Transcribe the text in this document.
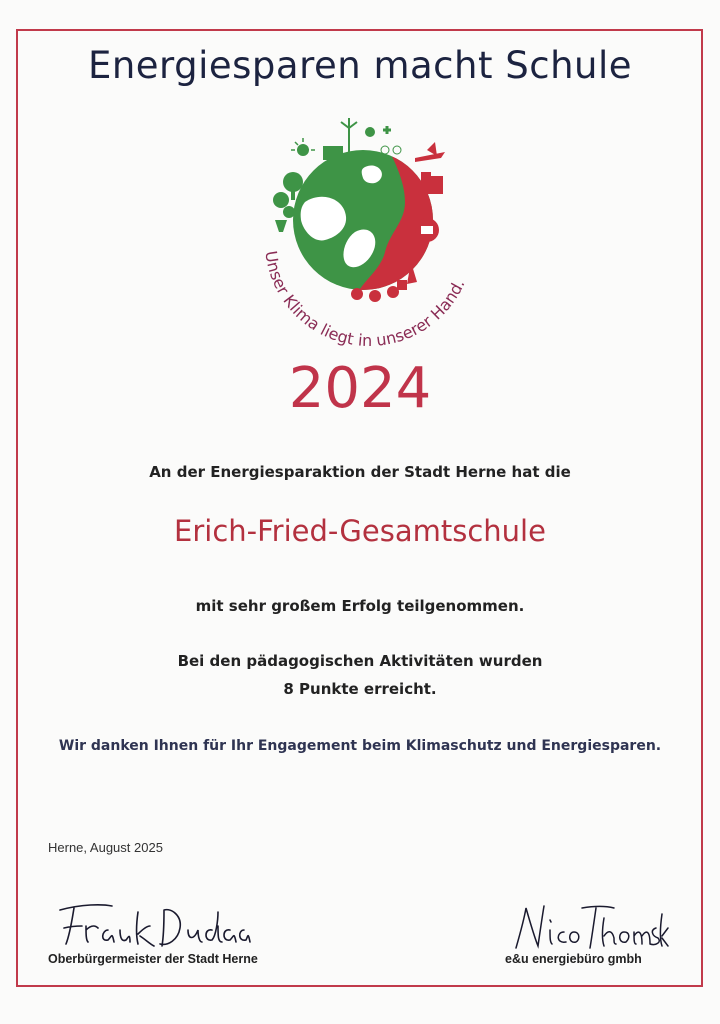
Energiesparen macht Schule
Unser Klima liegt in unserer Hand.
2024
An der Energiesparaktion der Stadt Herne hat die
Erich-Fried-Gesamtschule
mit sehr großem Erfolg teilgenommen.
Bei den pädagogischen Aktivitäten wurden
8 Punkte erreicht.
Wir danken Ihnen für Ihr Engagement beim Klimaschutz und Energiesparen.
Herne, August 2025
Oberbürgermeister der Stadt Herne	e&u energiebüro gmbh
